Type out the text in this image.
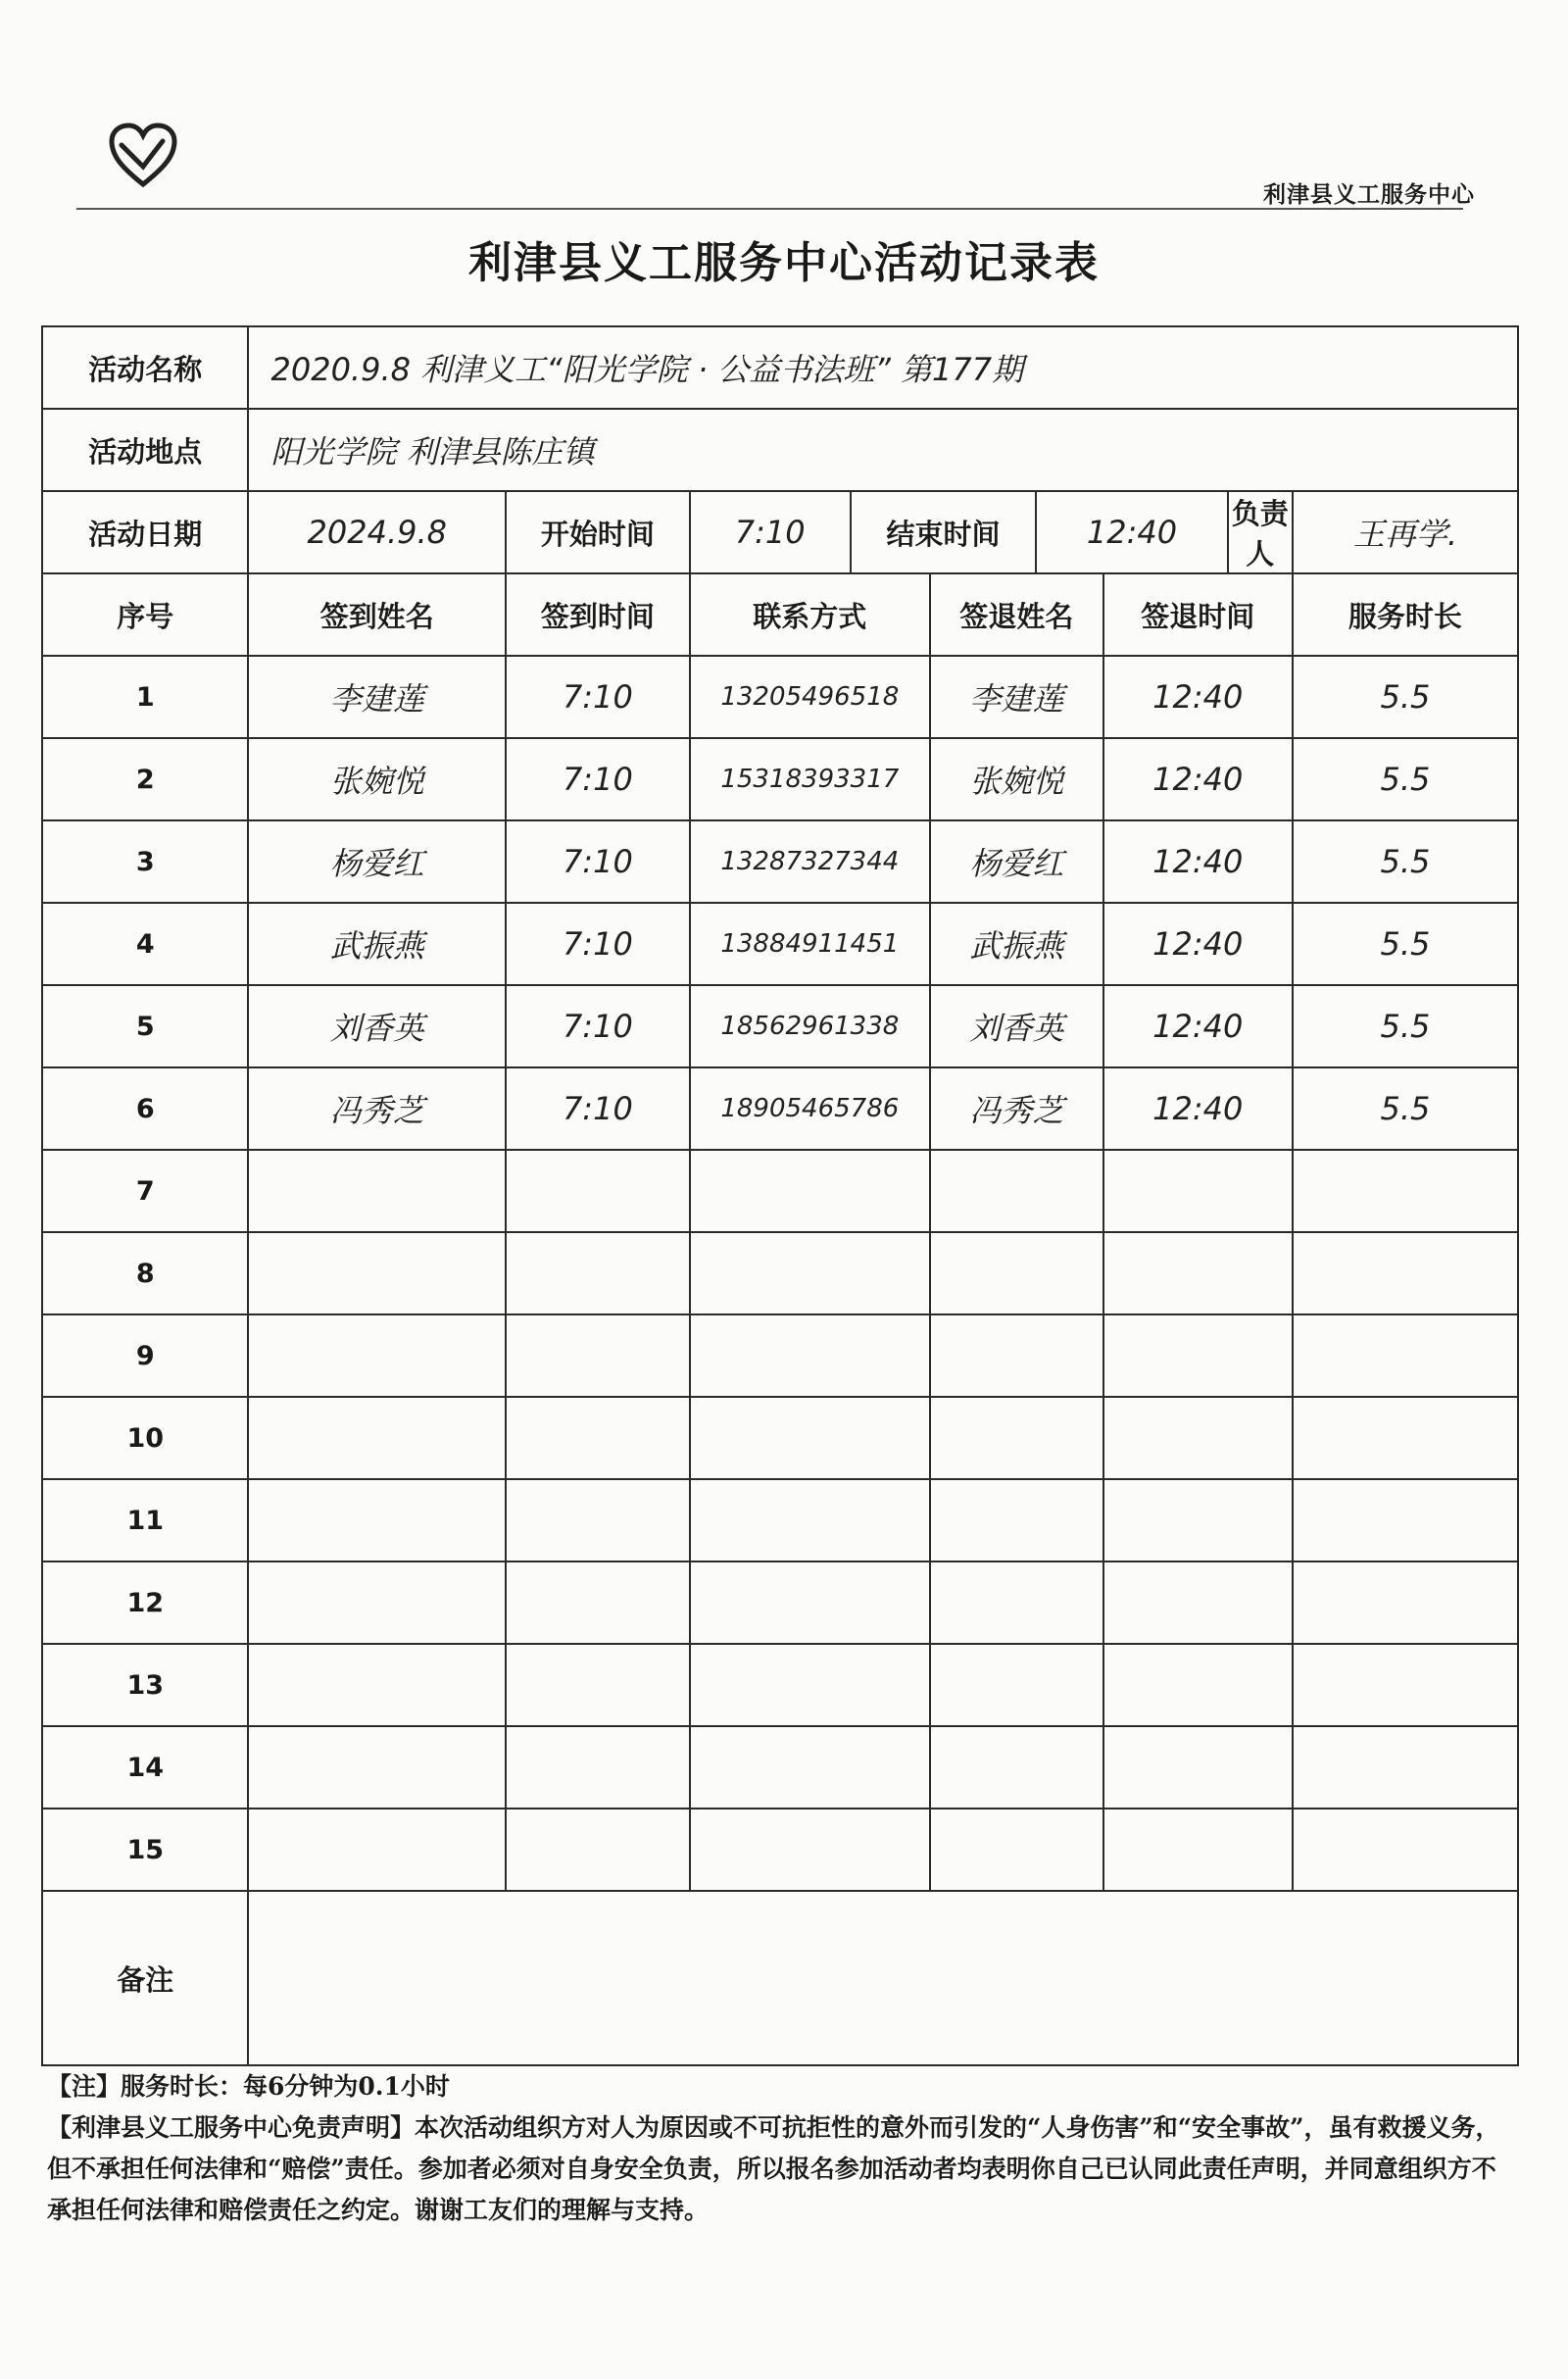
利津县义工服务中心
利津县义工服务中心活动记录表
活动名称	2020.9.8 利津义工“阳光学院 · 公益书法班” 第177期								
活动地点	阳光学院 利津县陈庄镇								
活动日期	2024.9.8	开始时间	7:10	结束时间		12:40		负责人	王再学.
序号	签到姓名	签到时间	联系方式		签退姓名		签退时间		服务时长
1	李建莲	7:10	13205496518		李建莲		12:40		5.5
2	张婉悦	7:10	15318393317		张婉悦		12:40		5.5
3	杨爱红	7:10	13287327344		杨爱红		12:40		5.5
4	武振燕	7:10	13884911451		武振燕		12:40		5.5
5	刘香英	7:10	18562961338		刘香英		12:40		5.5
6	冯秀芝	7:10	18905465786		冯秀芝		12:40		5.5
7									
8									
9									
10									
11									
12									
13									
14									
15									
备注									

【注】服务时长：每6分钟为0.1小时

【利津县义工服务中心免责声明】本次活动组织方对人为原因或不可抗拒性的意外而引发的“人身伤害”和“安全事故”，虽有救援义务，但不承担任何法律和“赔偿”责任。参加者必须对自身安全负责，所以报名参加活动者均表明你自己已认同此责任声明，并同意组织方不承担任何法律和赔偿责任之约定。谢谢工友们的理解与支持。
